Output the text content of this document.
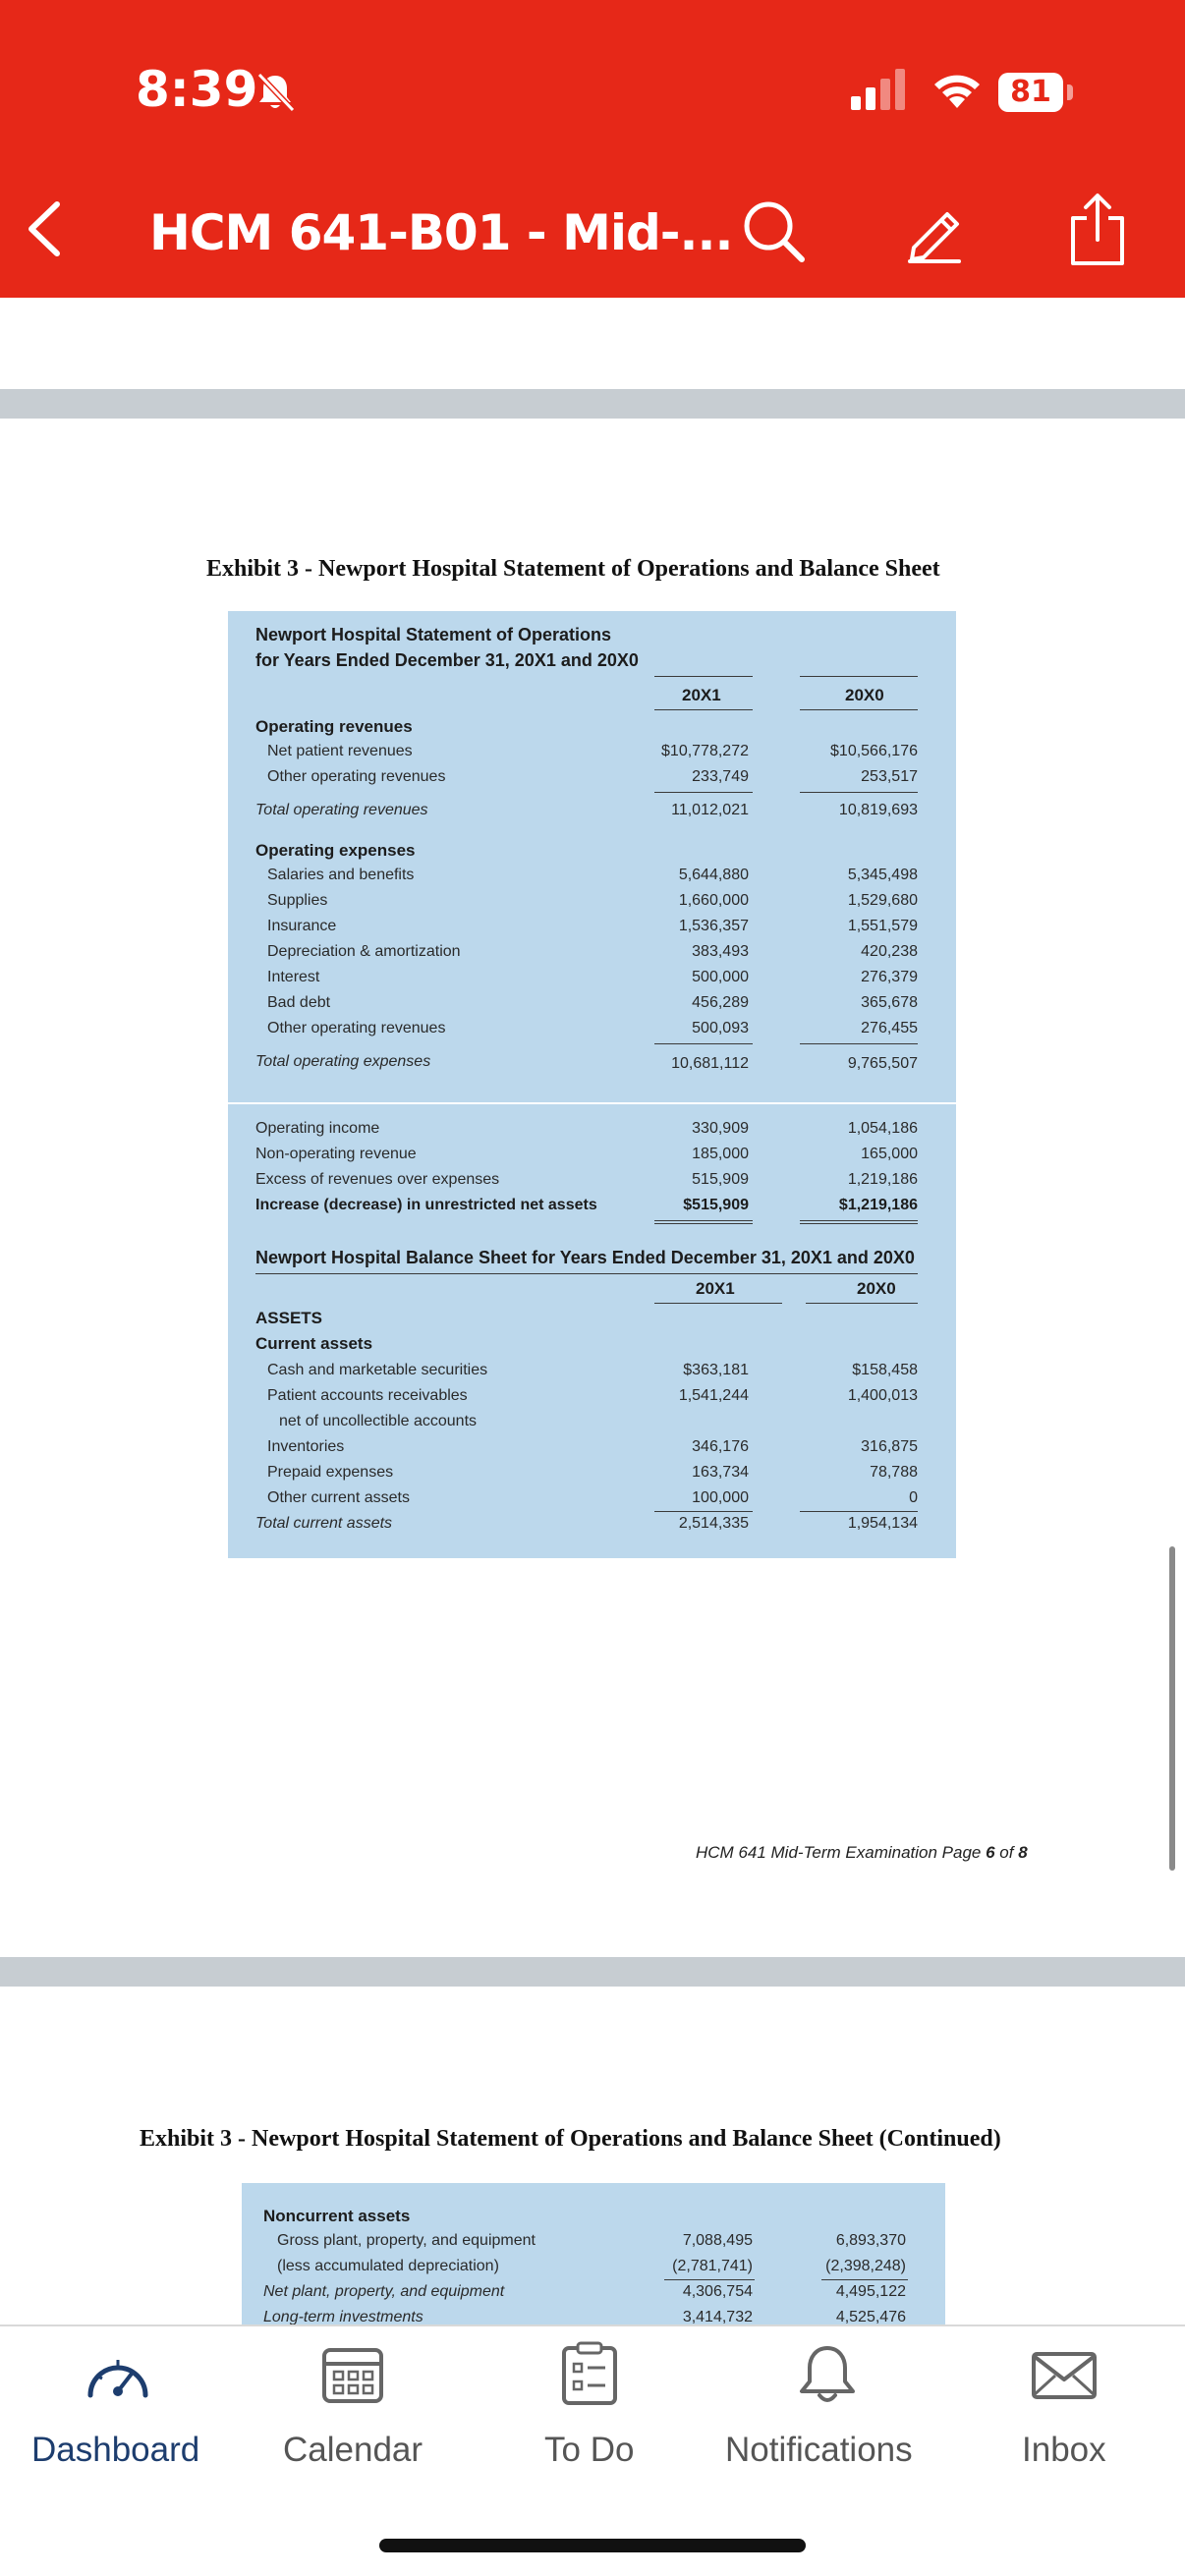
8:39	81
HCM 641-B01 - Mid-...
Exhibit 3 - Newport Hospital Statement of Operations and Balance Sheet
Newport Hospital Statement of Operations
for Years Ended December 31, 20X1 and 20X0
20X1	20X0
Operating revenues
Net patient revenues	$10,778,272	$10,566,176
Other operating revenues	233,749	253,517
Total operating revenues	11,012,021	10,819,693
Operating expenses
Salaries and benefits	5,644,880	5,345,498
Supplies	1,660,000	1,529,680
Insurance	1,536,357	1,551,579
Depreciation & amortization	383,493	420,238
Interest	500,000	276,379
Bad debt	456,289	365,678
Other operating revenues	500,093	276,455
Total operating expenses	10,681,112	9,765,507
Operating income	330,909	1,054,186
Non-operating revenue	185,000	165,000
Excess of revenues over expenses	515,909	1,219,186
Increase (decrease) in unrestricted net assets	$515,909	$1,219,186
Newport Hospital Balance Sheet for Years Ended December 31, 20X1 and 20X0
20X1	20X0
ASSETS
Current assets
Cash and marketable securities	$363,181	$158,458
Patient accounts receivables	1,541,244	1,400,013
net of uncollectible accounts
Inventories	346,176	316,875
Prepaid expenses	163,734	78,788
Other current assets	100,000	0
Total current assets	2,514,335	1,954,134
HCM 641 Mid-Term Examination Page 6 of 8
Exhibit 3 - Newport Hospital Statement of Operations and Balance Sheet (Continued)
Noncurrent assets
Gross plant, property, and equipment	7,088,495	6,893,370
(less accumulated depreciation)	(2,781,741)	(2,398,248)
Net plant, property, and equipment	4,306,754	4,495,122
Long-term investments	3,414,732	4,525,476
Dashboard Calendar	To Do	Notifications	Inbox
